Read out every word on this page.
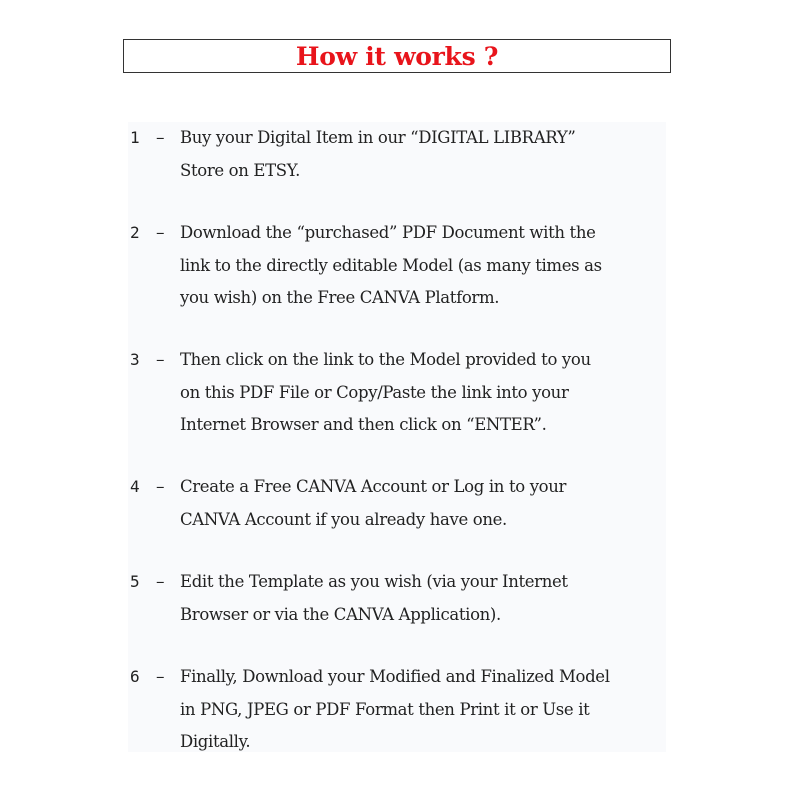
How it works ?
1 – Buy your Digital Item in our “DIGITAL LIBRARY”
Store on ETSY.
2 – Download the “purchased” PDF Document with the
link to the directly editable Model (as many times as
you wish) on the Free CANVA Platform.
3 – Then click on the link to the Model provided to you
on this PDF File or Copy/Paste the link into your
Internet Browser and then click on “ENTER”.
4 – Create a Free CANVA Account or Log in to your
CANVA Account if you already have one.
5 – Edit the Template as you wish (via your Internet
Browser or via the CANVA Application).
6 – Finally, Download your Modified and Finalized Model
in PNG, JPEG or PDF Format then Print it or Use it
Digitally.
